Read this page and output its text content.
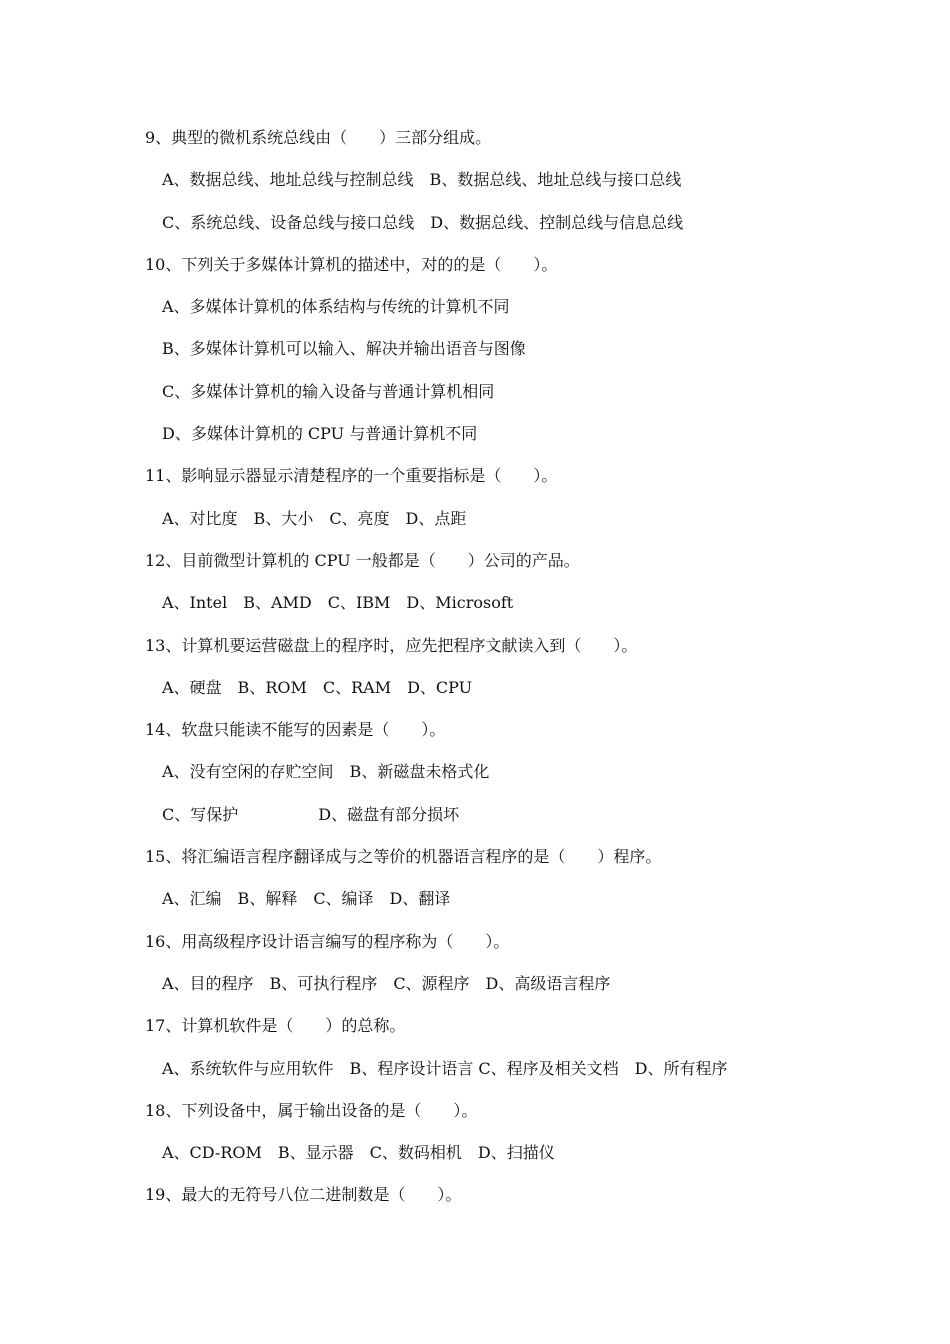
9、典型的微机系统总线由（　　）三部分组成。
A、数据总线、地址总线与控制总线　B、数据总线、地址总线与接口总线
C、系统总线、设备总线与接口总线　D、数据总线、控制总线与信息总线
10、下列关于多媒体计算机的描述中，对的的是（　　）。
A、多媒体计算机的体系结构与传统的计算机不同
B、多媒体计算机可以输入、解决并输出语音与图像
C、多媒体计算机的输入设备与普通计算机相同
D、多媒体计算机的 CPU 与普通计算机不同
11、影响显示器显示清楚程序的一个重要指标是（　　）。
A、对比度　B、大小　C、亮度　D、点距
12、目前微型计算机的 CPU 一般都是（　　）公司的产品。
A、Intel　B、AMD　C、IBM　D、Microsoft
13、计算机要运营磁盘上的程序时，应先把程序文献读入到（　　）。
A、硬盘　B、ROM　C、RAM　D、CPU
14、软盘只能读不能写的因素是（　　）。
A、没有空闲的存贮空间　B、新磁盘未格式化
C、写保护　　　　　D、磁盘有部分损坏
15、将汇编语言程序翻译成与之等价的机器语言程序的是（　　）程序。
A、汇编　B、解释　C、编译　D、翻译
16、用高级程序设计语言编写的程序称为（　　）。
A、目的程序　B、可执行程序　C、源程序　D、高级语言程序
17、计算机软件是（　　）的总称。
A、系统软件与应用软件　B、程序设计语言 C、程序及相关文档　D、所有程序
18、下列设备中，属于输出设备的是（　　）。
A、CD-ROM　B、显示器　C、数码相机　D、扫描仪
19、最大的无符号八位二进制数是（　　）。
